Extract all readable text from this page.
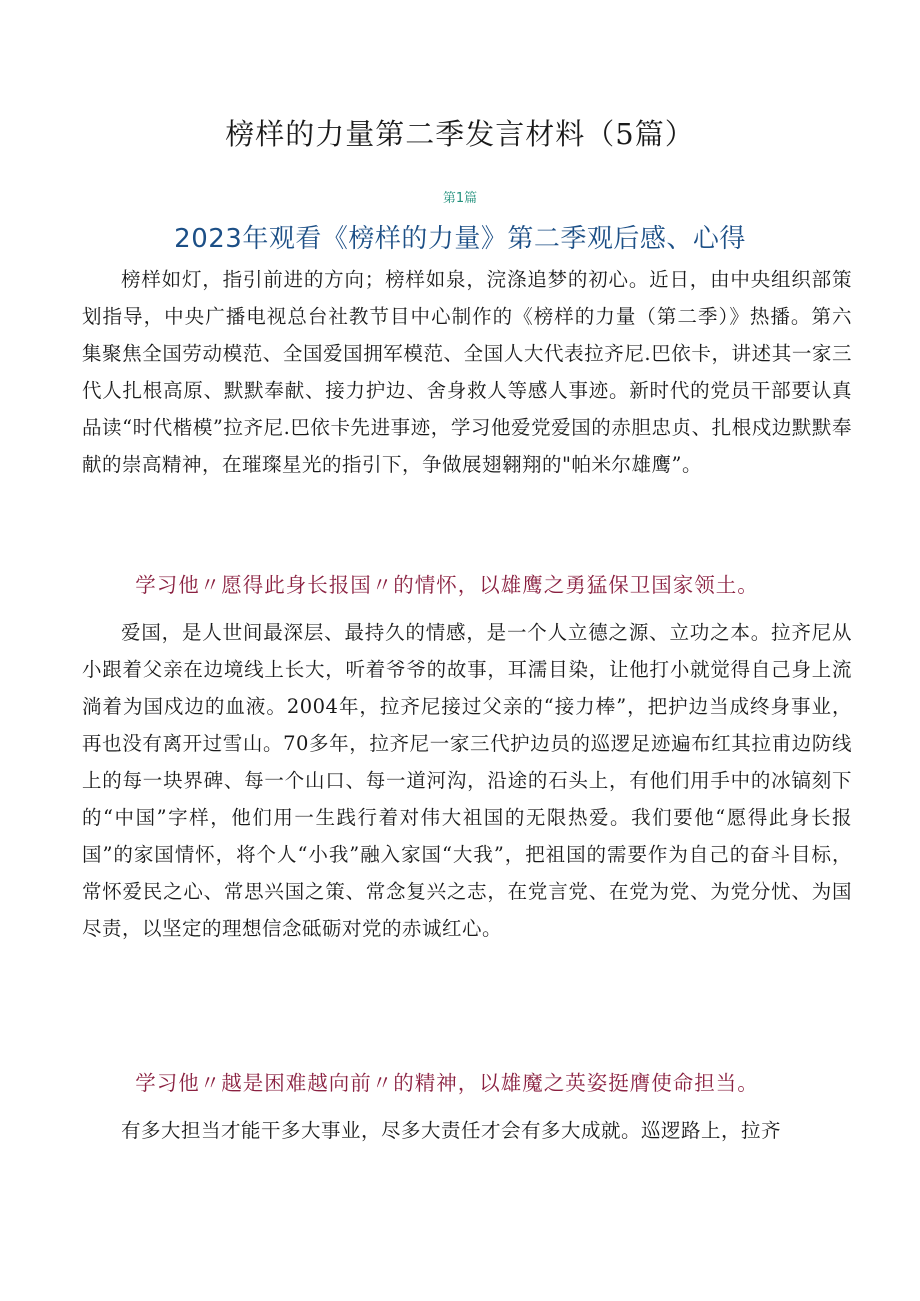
榜样的力量第二季发言材料（5篇）
第1篇
2023年观看《榜样的力量》第二季观后感、心得

榜样如灯，指引前进的方向；榜样如泉，浣涤追梦的初心。近日，由中央组织部策划指导，中央广播电视总台社教节目中心制作的《榜样的力量（第二季）》热播。第六集聚焦全国劳动模范、全国爱国拥军模范、全国人大代表拉齐尼.巴依卡，讲述其一家三代人扎根高原、默默奉献、接力护边、舍身救人等感人事迹。新时代的党员干部要认真品读“时代楷模”拉齐尼.巴依卡先进事迹，学习他爱党爱国的赤胆忠贞、扎根戍边默默奉献的崇高精神，在璀璨星光的指引下，争做展翅翱翔的"帕米尔雄鹰”。

学习他〃愿得此身长报国〃的情怀，以雄鹰之勇猛保卫国家领土。

爱国，是人世间最深层、最持久的情感，是一个人立德之源、立功之本。拉齐尼从小跟着父亲在边境线上长大，听着爷爷的故事，耳濡目染，让他打小就觉得自己身上流淌着为国戍边的血液。2004年，拉齐尼接过父亲的“接力棒”，把护边当成终身事业，再也没有离开过雪山。70多年，拉齐尼一家三代护边员的巡逻足迹遍布红其拉甫边防线上的每一块界碑、每一个山口、每一道河沟，沿途的石头上，有他们用手中的冰镐刻下的“中国”字样，他们用一生践行着对伟大祖国的无限热爱。我们要他“愿得此身长报国”的家国情怀，将个人“小我”融入家国“大我”，把祖国的需要作为自己的奋斗目标，常怀爱民之心、常思兴国之策、常念复兴之志，在党言党、在党为党、为党分忧、为国尽责，以坚定的理想信念砥砺对党的赤诚红心。

学习他〃越是困难越向前〃的精神，以雄魔之英姿挺膺使命担当。

有多大担当才能干多大事业，尽多大责任才会有多大成就。巡逻路上，拉齐
